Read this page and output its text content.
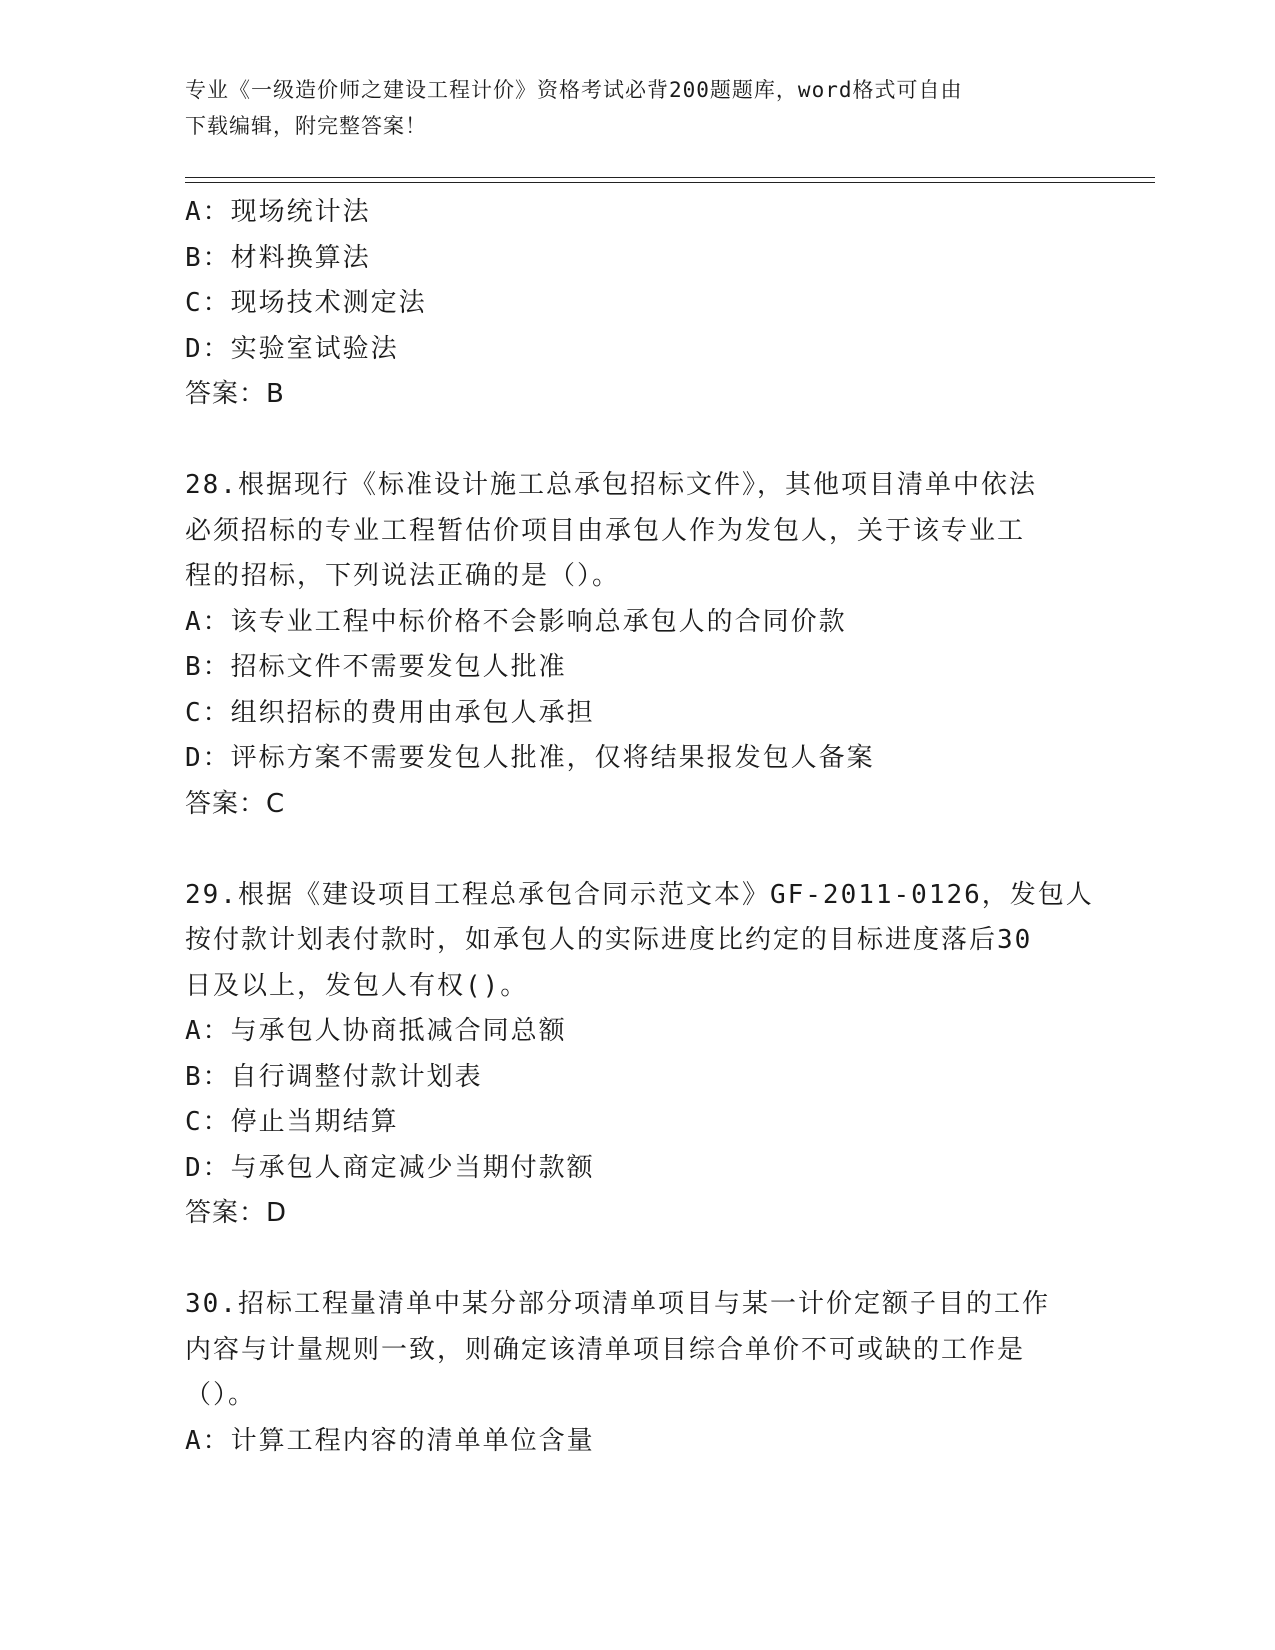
专业《一级造价师之建设工程计价》资格考试必背200题题库，word格式可自由
下载编辑，附完整答案！
A：现场统计法
B：材料换算法
C：现场技术测定法
D：实验室试验法
答案：B
28.根据现行《标准设计施工总承包招标文件》，其他项目清单中依法
必须招标的专业工程暂估价项目由承包人作为发包人，关于该专业工
程的招标，下列说法正确的是（）。
A：该专业工程中标价格不会影响总承包人的合同价款
B：招标文件不需要发包人批准
C：组织招标的费用由承包人承担
D：评标方案不需要发包人批准，仅将结果报发包人备案
答案：C
29.根据《建设项目工程总承包合同示范文本》GF-2011-0126，发包人
按付款计划表付款时，如承包人的实际进度比约定的目标进度落后30
日及以上，发包人有权()。
A：与承包人协商抵减合同总额
B：自行调整付款计划表
C：停止当期结算
D：与承包人商定减少当期付款额
答案：D
30.招标工程量清单中某分部分项清单项目与某一计价定额子目的工作
内容与计量规则一致，则确定该清单项目综合单价不可或缺的工作是
（）。
A：计算工程内容的清单单位含量
